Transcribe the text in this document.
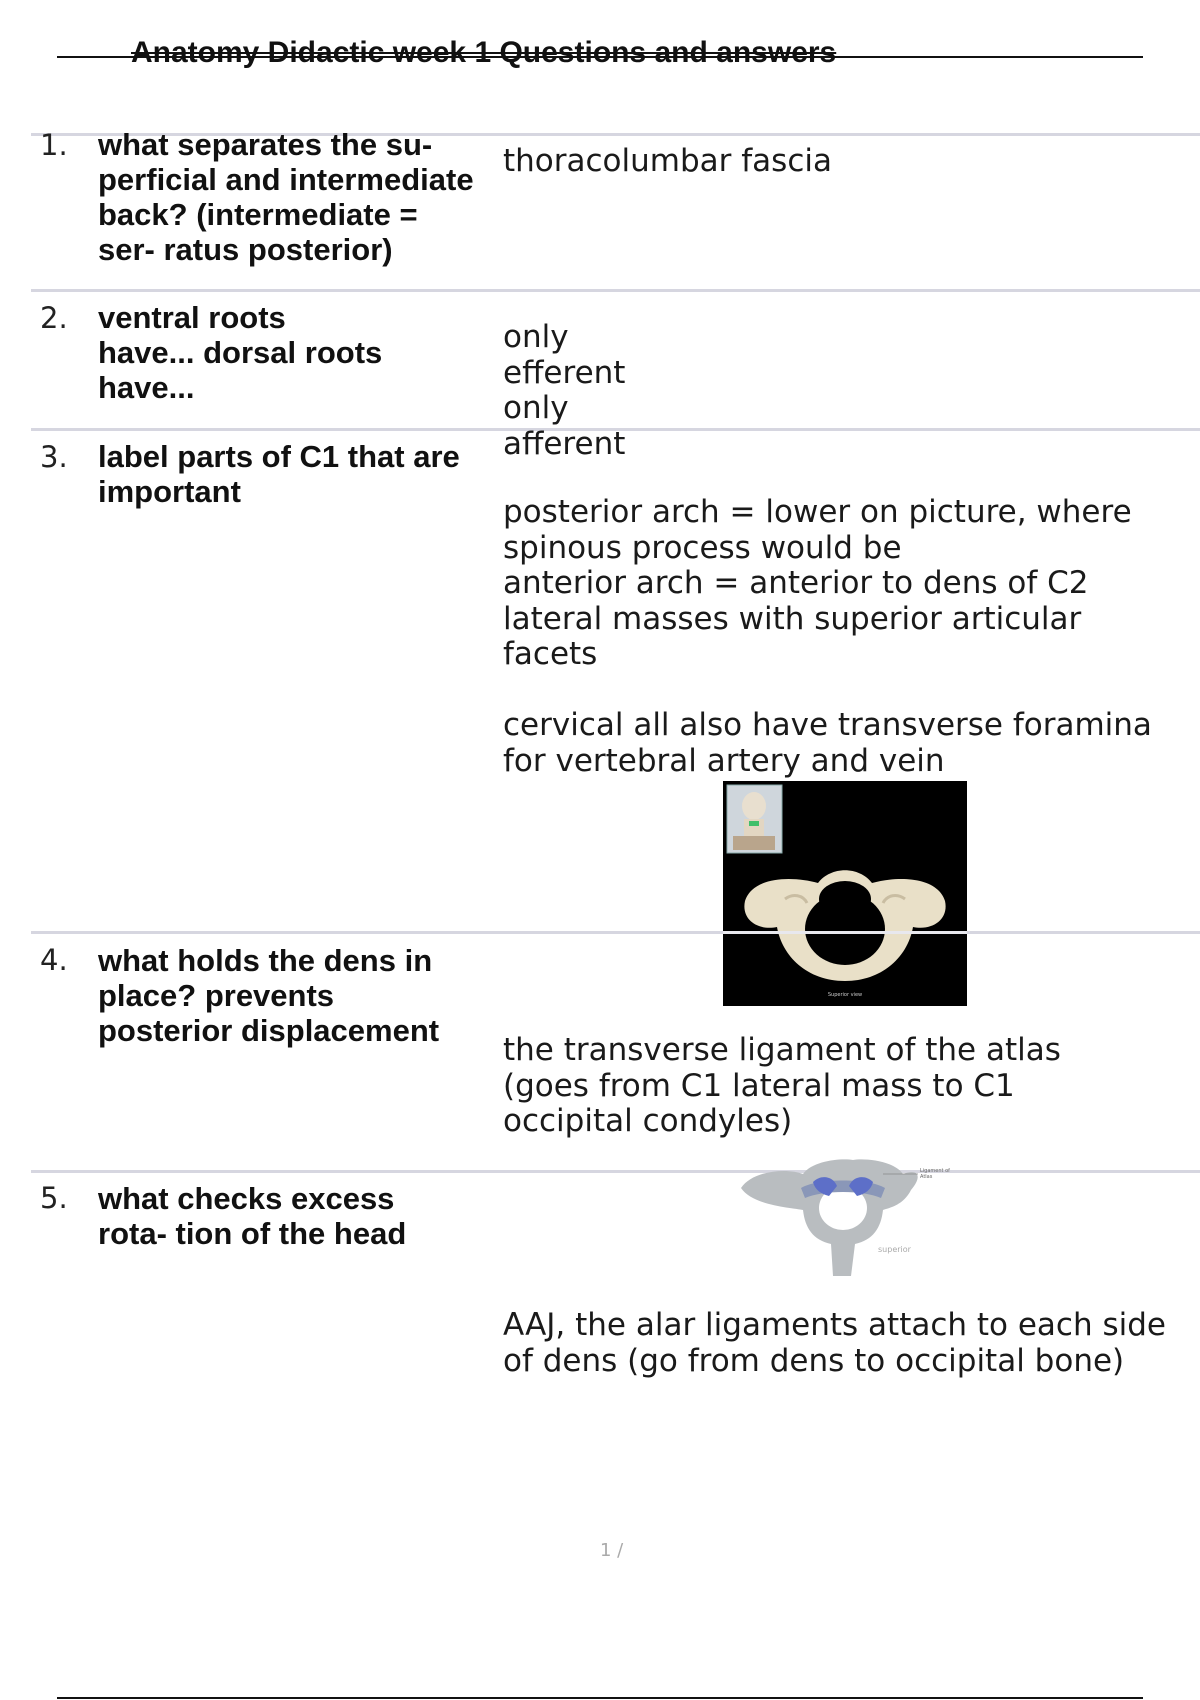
Anatomy Didactic week 1 Questions and answers
1. what separates the su-
perficial and intermediate
back? (intermediate =
ser- ratus posterior)
thoracolumbar fascia
2. ventral roots
have... dorsal roots
have...
only
efferent
only
afferent
3. label parts of C1 that are
important
posterior arch = lower on picture, where
spinous process would be
anterior arch = anterior to dens of C2
lateral masses with superior articular
facets
cervical all also have transverse foramina
for vertebral artery and vein
Superior view
4. what holds the dens in
place? prevents
posterior displacement
the transverse ligament of the atlas
(goes from C1 lateral mass to C1
occipital condyles)
Ligament of
Atlas
superior
5. what checks excess
rota- tion of the head
AAJ, the alar ligaments attach to each side
of dens (go from dens to occipital bone)
1 /
